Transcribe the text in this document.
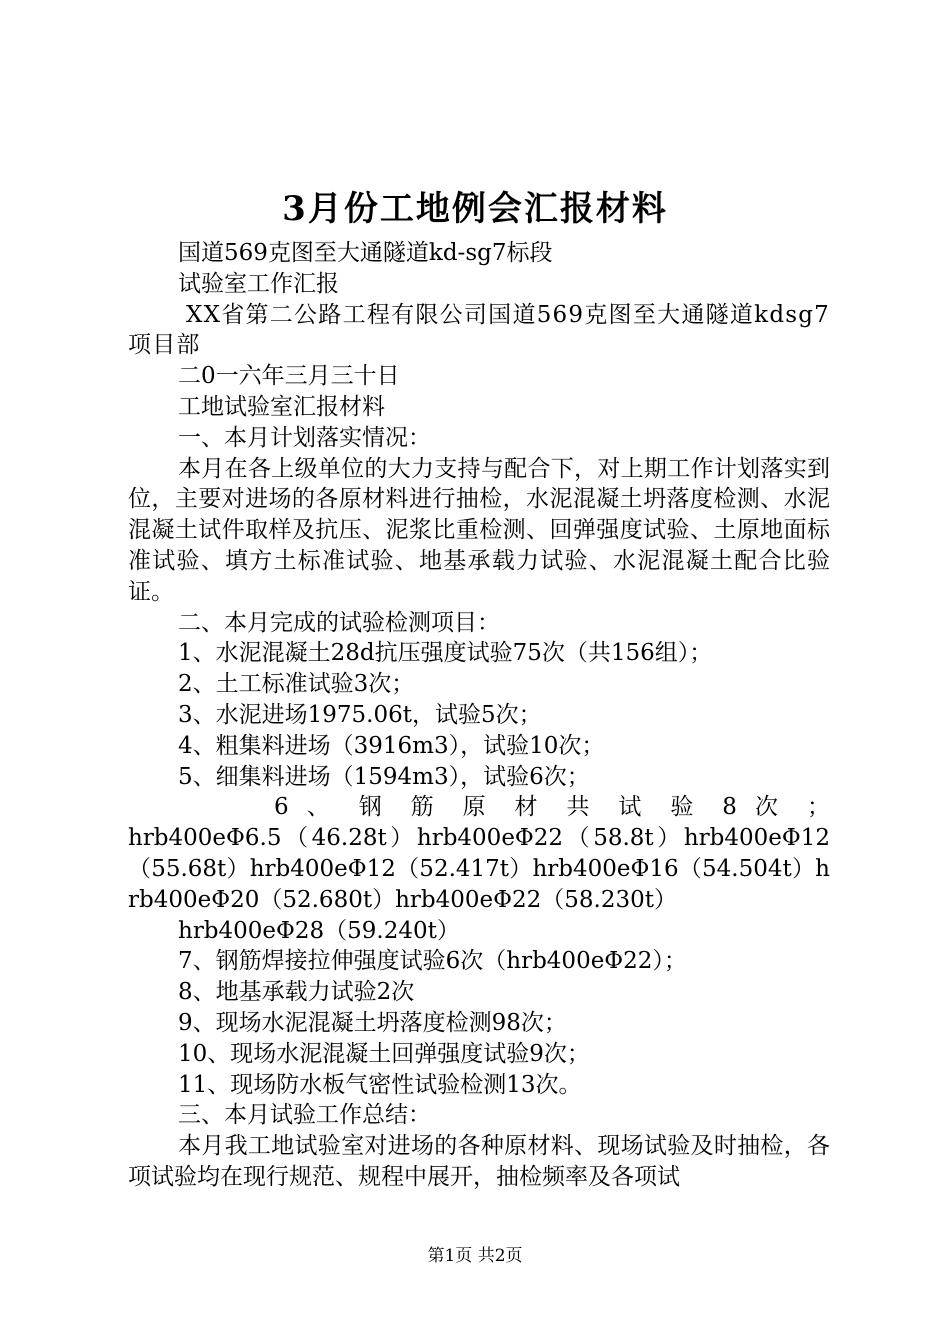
3月份工地例会汇报材料

国道569克图至大通隧道kd-sg7标段

试验室工作汇报

XX省第二公路工程有限公司国道569克图至大通隧道kdsg7项目部

二0一六年三月三十日

工地试验室汇报材料

一、本月计划落实情况：

本月在各上级单位的大力支持与配合下，对上期工作计划落实到位，主要对进场的各原材料进行抽检，水泥混凝土坍落度检测、水泥混凝土试件取样及抗压、泥浆比重检测、回弹强度试验、土原地面标准试验、填方土标准试验、地基承载力试验、水泥混凝土配合比验证。

二、本月完成的试验检测项目：

1、水泥混凝土28d抗压强度试验75次（共156组）；

2、土工标准试验3次；

3、水泥进场1975.06t，试验5次；

4、粗集料进场（3916m3），试验10次；

5、细集料进场（1594m3），试验6次；

6 、 钢 筋 原 材 共 试 验 8 次 ；

hrb400eΦ6.5（46.28t）hrb400eΦ22（58.8t）hrb400eΦ12（55.68t）hrb400eΦ12（52.417t）hrb400eΦ16（54.504t）hrb400eΦ20（52.680t）hrb400eΦ22（58.230t）

hrb400eΦ28（59.240t）

7、钢筋焊接拉伸强度试验6次（hrb400eΦ22）；

8、地基承载力试验2次

9、现场水泥混凝土坍落度检测98次；

10、现场水泥混凝土回弹强度试验9次；

11、现场防水板气密性试验检测13次。

三、本月试验工作总结：

本月我工地试验室对进场的各种原材料、现场试验及时抽检，各项试验均在现行规范、规程中展开，抽检频率及各项试

第1页 共2页
